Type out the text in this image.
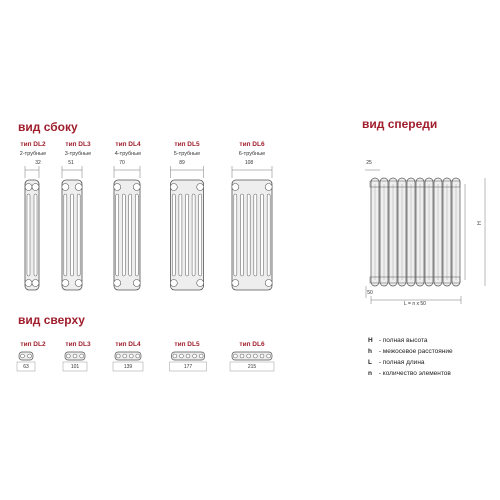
вид сбоку
вид сверху
вид спереди
тип DL2	тип DL3	тип DL4	тип DL5	тип DL6
2-трубные	3-трубные	4-трубные	5-трубные	6-трубные
32	51	70	89	108
тип DL2	тип DL3	тип DL4	тип DL5	тип DL6
63	101	139	177	215
25
50
L = n x 50
H
H - полная высота
h - межосевое расстояние
L - полная длина
n - количество элементов
